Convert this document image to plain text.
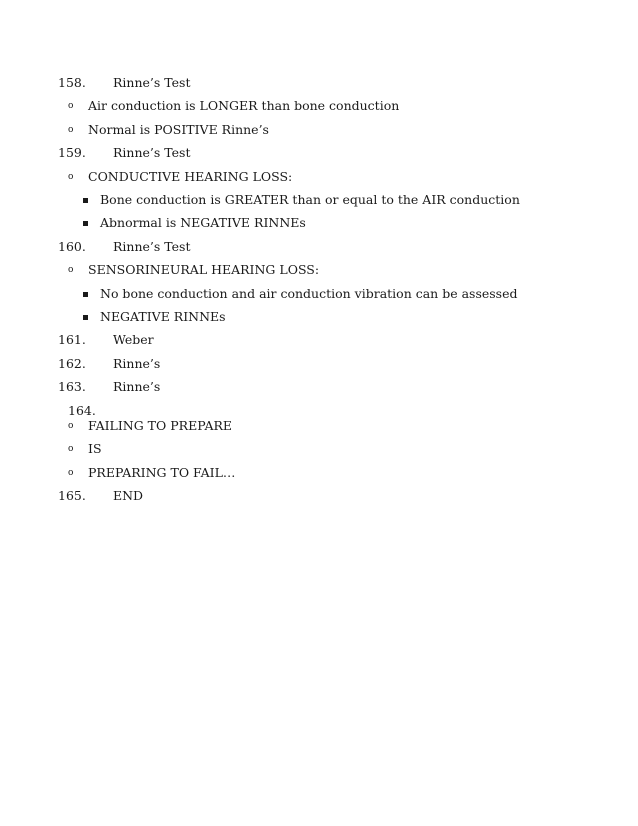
158. Rinne’s Test
o Air conduction is LONGER than bone conduction
o Normal is POSITIVE Rinne’s
159. Rinne’s Test
o CONDUCTIVE HEARING LOSS:
Bone conduction is GREATER than or equal to the AIR conduction
Abnormal is NEGATIVE RINNEs
160. Rinne’s Test
o SENSORINEURAL HEARING LOSS:
No bone conduction and air conduction vibration can be assessed
NEGATIVE RINNEs
161. Weber
162. Rinne’s
163. Rinne’s
164.
o FAILING TO PREPARE
o IS
o PREPARING TO FAIL…
165. END
